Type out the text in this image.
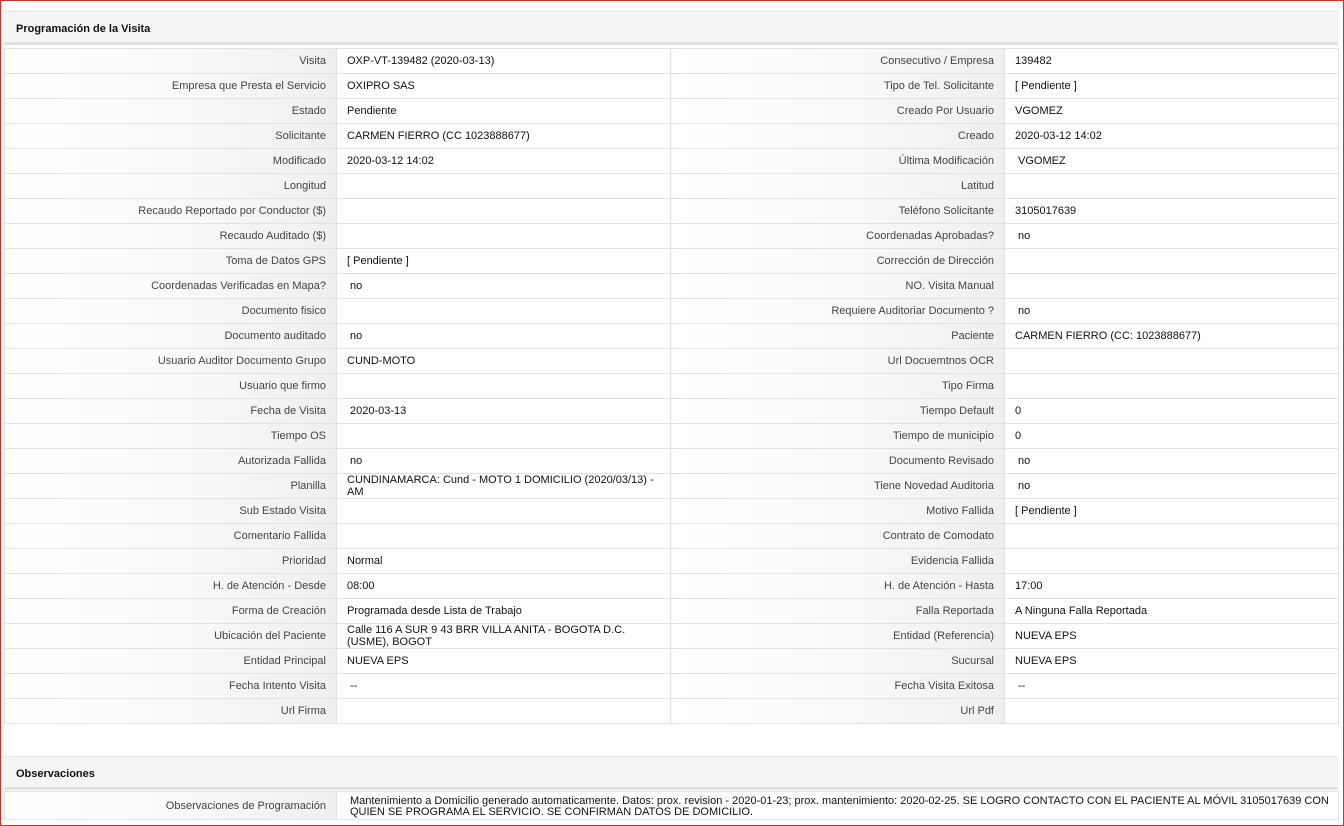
Programación de la Visita
Visita	OXP-VT-139482 (2020-03-13)	Consecutivo / Empresa	139482
Empresa que Presta el Servicio	OXIPRO SAS	Tipo de Tel. Solicitante	[ Pendiente ]
Estado	Pendiente	Creado Por Usuario	VGOMEZ
Solicitante	CARMEN FIERRO (CC 1023888677)	Creado	2020-03-12 14:02
Modificado	2020-03-12 14:02	Última Modificación	VGOMEZ
Longitud		Latitud	
Recaudo Reportado por Conductor ($)		Teléfono Solicitante	3105017639
Recaudo Auditado ($)		Coordenadas Aprobadas?	no
Toma de Datos GPS	[ Pendiente ]	Corrección de Dirección	
Coordenadas Verificadas en Mapa?	no	NO. Visita Manual	
Documento fisico		Requiere Auditoriar Documento ?	no
Documento auditado	no	Paciente	CARMEN FIERRO (CC: 1023888677)
Usuario Auditor Documento Grupo	CUND-MOTO	Url Docuemtnos OCR	
Usuario que firmo		Tipo Firma	
Fecha de Visita	2020-03-13	Tiempo Default	0
Tiempo OS		Tiempo de municipio	0
Autorizada Fallida	no	Documento Revisado	no
Planilla	CUNDINAMARCA: Cund - MOTO 1 DOMICILIO (2020/03/13) - AM	Tiene Novedad Auditoria	no
Sub Estado Visita		Motivo Fallida	[ Pendiente ]
Comentario Fallida		Contrato de Comodato	
Prioridad	Normal	Evidencia Fallida	
H. de Atención - Desde	08:00	H. de Atención - Hasta	17:00
Forma de Creación	Programada desde Lista de Trabajo	Falla Reportada	A Ninguna Falla Reportada
Ubicación del Paciente	Calle 116 A SUR 9 43 BRR VILLA ANITA - BOGOTA D.C. (USME), BOGOT	Entidad (Referencia)	NUEVA EPS
Entidad Principal	NUEVA EPS	Sucursal	NUEVA EPS
Fecha Intento Visita	--	Fecha Visita Exitosa	--
Url Firma		Url Pdf	
Observaciones
Observaciones de Programación	Mantenimiento a Domicilio generado automaticamente. Datos: prox. revision - 2020-01-23; prox. mantenimiento: 2020-02-25. SE LOGRO CONTACTO CON EL PACIENTE AL MÓVIL 3105017639 CON QUIEN SE PROGRAMA EL SERVICIO. SE CONFIRMAN DATOS DE DOMICILIO.
